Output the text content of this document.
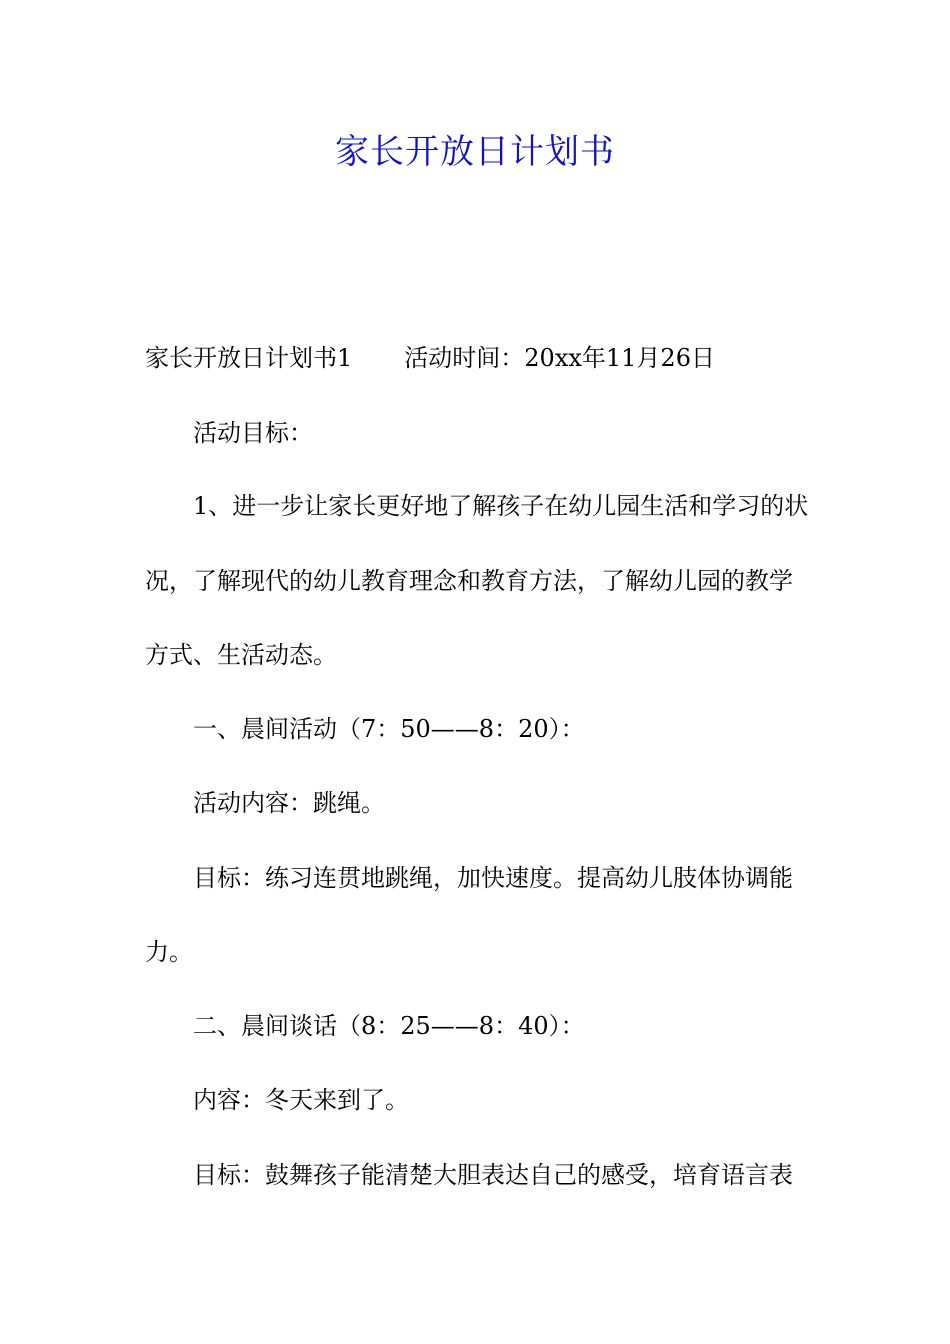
家长开放日计划书

家长开放日计划书1 活动时间：20xx年11月26日

活动目标：

1、进一步让家长更好地了解孩子在幼儿园生活和学习的状

况，了解现代的幼儿教育理念和教育方法，了解幼儿园的教学

方式、生活动态。

一、晨间活动（7：50——8：20）：

活动内容：跳绳。

目标：练习连贯地跳绳，加快速度。提高幼儿肢体协调能

力。

二、晨间谈话（8：25——8：40）：

内容：冬天来到了。

目标：鼓舞孩子能清楚大胆表达自己的感受，培育语言表
